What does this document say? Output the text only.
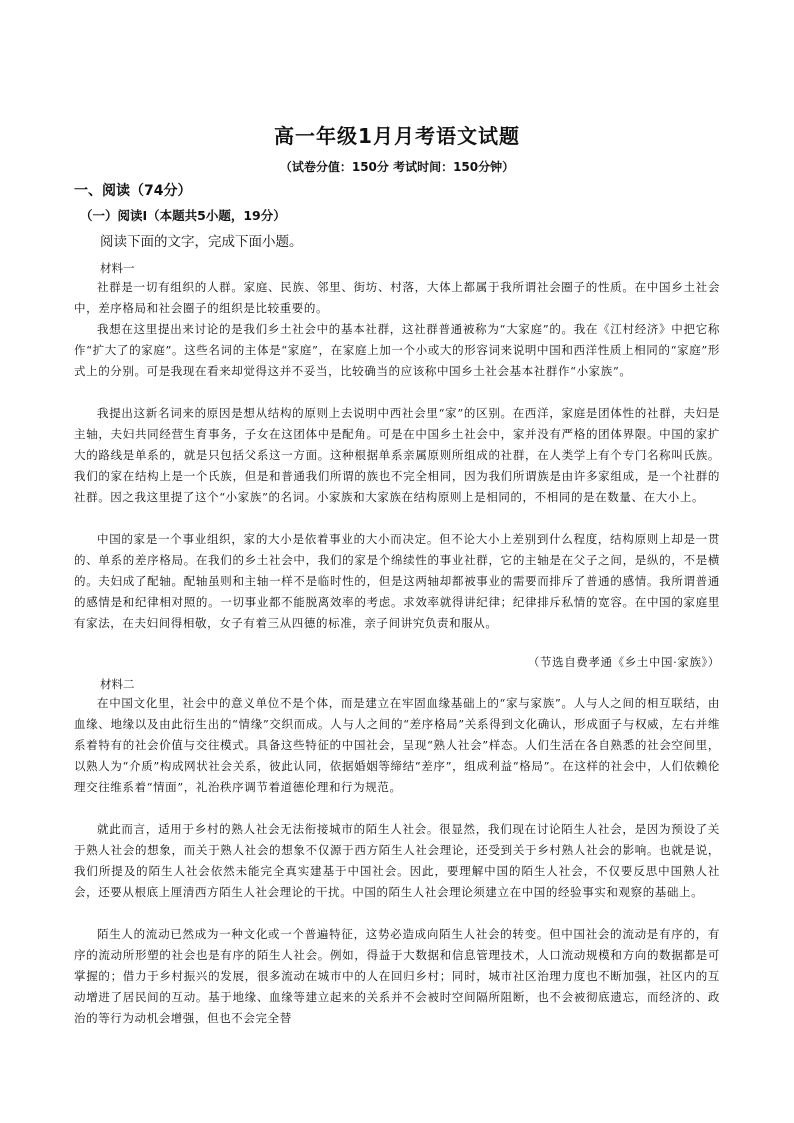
高一年级1月月考语文试题
（试卷分值：150分 考试时间：150分钟）
一、阅读（74分）
（一）阅读Ⅰ（本题共5小题，19分）
阅读下面的文字，完成下面小题。
材料一
社群是一切有组织的人群。家庭、民族、邻里、街坊、村落，大体上都属于我所谓社会圈子的性质。在中国乡土社会中，差序格局和社会圈子的组织是比较重要的。
我想在这里提出来讨论的是我们乡土社会中的基本社群，这社群普通被称为“大家庭”的。我在《江村经济》中把它称作“扩大了的家庭”。这些名词的主体是“家庭”，在家庭上加一个小或大的形容词来说明中国和西洋性质上相同的“家庭”形式上的分别。可是我现在看来却觉得这并不妥当，比较确当的应该称中国乡土社会基本社群作“小家族”。
我提出这新名词来的原因是想从结构的原则上去说明中西社会里“家”的区别。在西洋，家庭是团体性的社群，夫妇是主轴，夫妇共同经营生育事务，子女在这团体中是配角。可是在中国乡土社会中，家并没有严格的团体界限。中国的家扩大的路线是单系的，就是只包括父系这一方面。这种根据单系亲属原则所组成的社群，在人类学上有个专门名称叫氏族。我们的家在结构上是一个氏族，但是和普通我们所谓的族也不完全相同，因为我们所谓族是由许多家组成，是一个社群的社群。因之我这里提了这个“小家族”的名词。小家族和大家族在结构原则上是相同的，不相同的是在数量、在大小上。
中国的家是一个事业组织，家的大小是依着事业的大小而决定。但不论大小上差别到什么程度，结构原则上却是一贯的、单系的差序格局。在我们的乡土社会中，我们的家是个绵续性的事业社群，它的主轴是在父子之间，是纵的，不是横的。夫妇成了配轴。配轴虽则和主轴一样不是临时性的，但是这两轴却都被事业的需要而排斥了普通的感情。我所谓普通的感情是和纪律相对照的。一切事业都不能脱离效率的考虑。求效率就得讲纪律；纪律排斥私情的宽容。在中国的家庭里有家法，在夫妇间得相敬，女子有着三从四德的标准，亲子间讲究负责和服从。
（节选自费孝通《乡土中国·家族》）
材料二
在中国文化里，社会中的意义单位不是个体，而是建立在牢固血缘基础上的“家与家族”。人与人之间的相互联结，由血缘、地缘以及由此衍生出的“情缘”交织而成。人与人之间的“差序格局”关系得到文化确认，形成面子与权威，左右并维系着特有的社会价值与交往模式。具备这些特征的中国社会，呈现“熟人社会”样态。人们生活在各自熟悉的社会空间里，以熟人为“介质”构成网状社会关系，彼此认同，依据婚姻等缔结“差序”，组成利益“格局”。在这样的社会中，人们依赖伦理交往维系着“情面”，礼治秩序调节着道德伦理和行为规范。
就此而言，适用于乡村的熟人社会无法衔接城市的陌生人社会。很显然，我们现在讨论陌生人社会，是因为预设了关于熟人社会的想象，而关于熟人社会的想象不仅源于西方陌生人社会理论，还受到关于乡村熟人社会的影响。也就是说，我们所提及的陌生人社会依然未能完全真实建基于中国社会。因此，要理解中国的陌生人社会，不仅要反思中国熟人社会，还要从根底上厘清西方陌生人社会理论的干扰。中国的陌生人社会理论须建立在中国的经验事实和观察的基础上。
陌生人的流动已然成为一种文化或一个普遍特征，这势必造成向陌生人社会的转变。但中国社会的流动是有序的，有序的流动所形塑的社会也是有序的陌生人社会。例如，得益于大数据和信息管理技术，人口流动规模和方向的数据都是可掌握的；借力于乡村振兴的发展，很多流动在城市中的人在回归乡村；同时，城市社区治理力度也不断加强，社区内的互动增进了居民间的互动。基于地缘、血缘等建立起来的关系并不会被时空间隔所阻断，也不会被彻底遗忘，而经济的、政治的等行为动机会增强，但也不会完全替
